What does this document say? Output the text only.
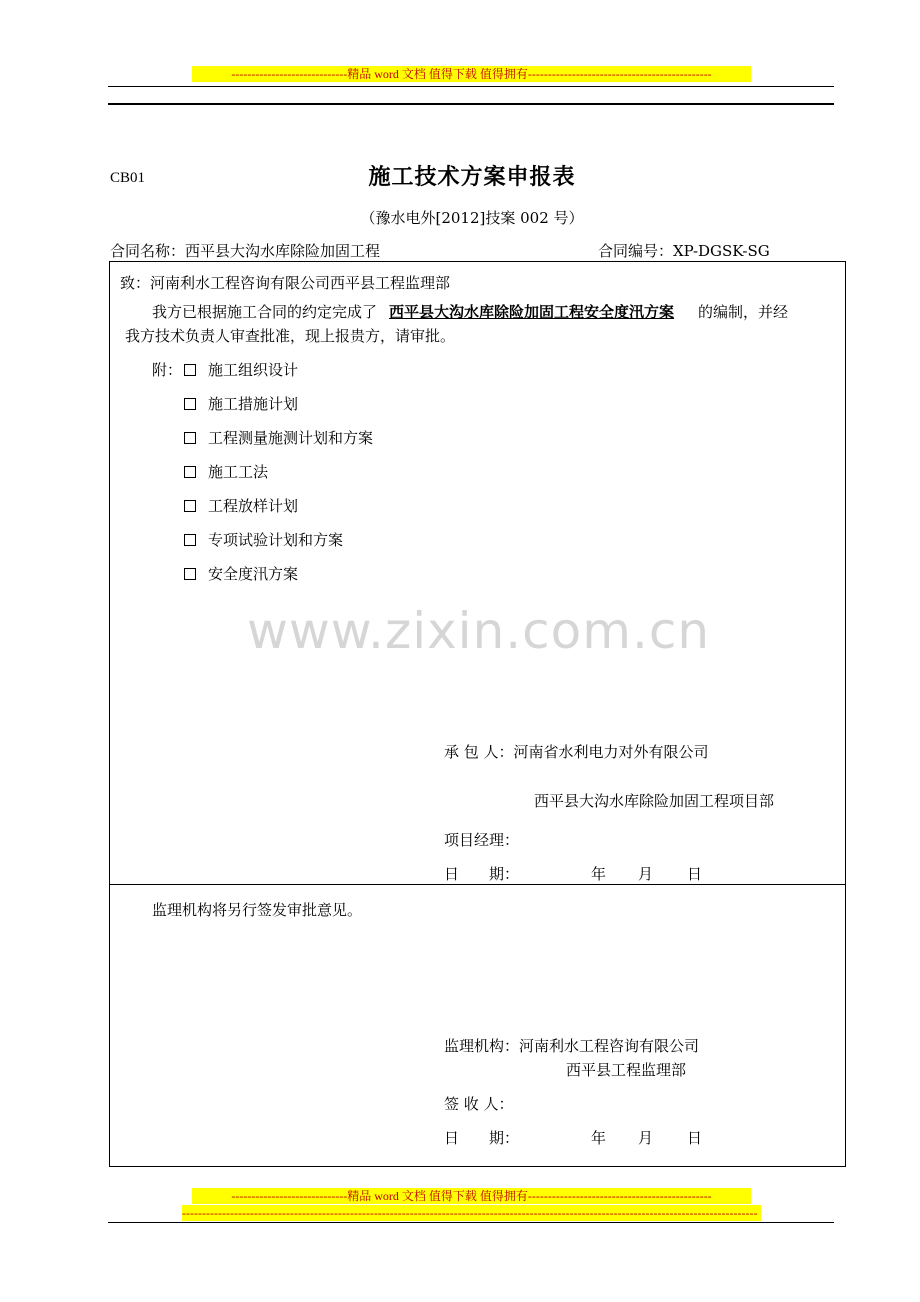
-----------------------------精品 word 文档 值得下载 值得拥有----------------------------------------------
CB01	施工技术方案申报表
（豫水电外[2012]技案 002 号）
合同名称：西平县大沟水库除险加固工程	合同编号：XP-DGSK-SG
致：河南利水工程咨询有限公司西平县工程监理部
我方已根据施工合同的约定完成了 西平县大沟水库除险加固工程安全度汛方案 的编制，并经
我方技术负责人审查批准，现上报贵方，请审批。
附：	施工组织设计
施工措施计划
工程测量施测计划和方案
施工工法
工程放样计划
专项试验计划和方案
安全度汛方案
www.zixin.com.cn
承 包 人：河南省水利电力对外有限公司
西平县大沟水库除险加固工程项目部
项目经理：
日　　期：	年 月 日
监理机构将另行签发审批意见。
监理机构：河南利水工程咨询有限公司
西平县工程监理部
签 收 人：
日　　期：	年 月 日
-----------------------------精品 word 文档 值得下载 值得拥有----------------------------------------------
------------------------------------------------------------------------------------------------------------------------------------------------
